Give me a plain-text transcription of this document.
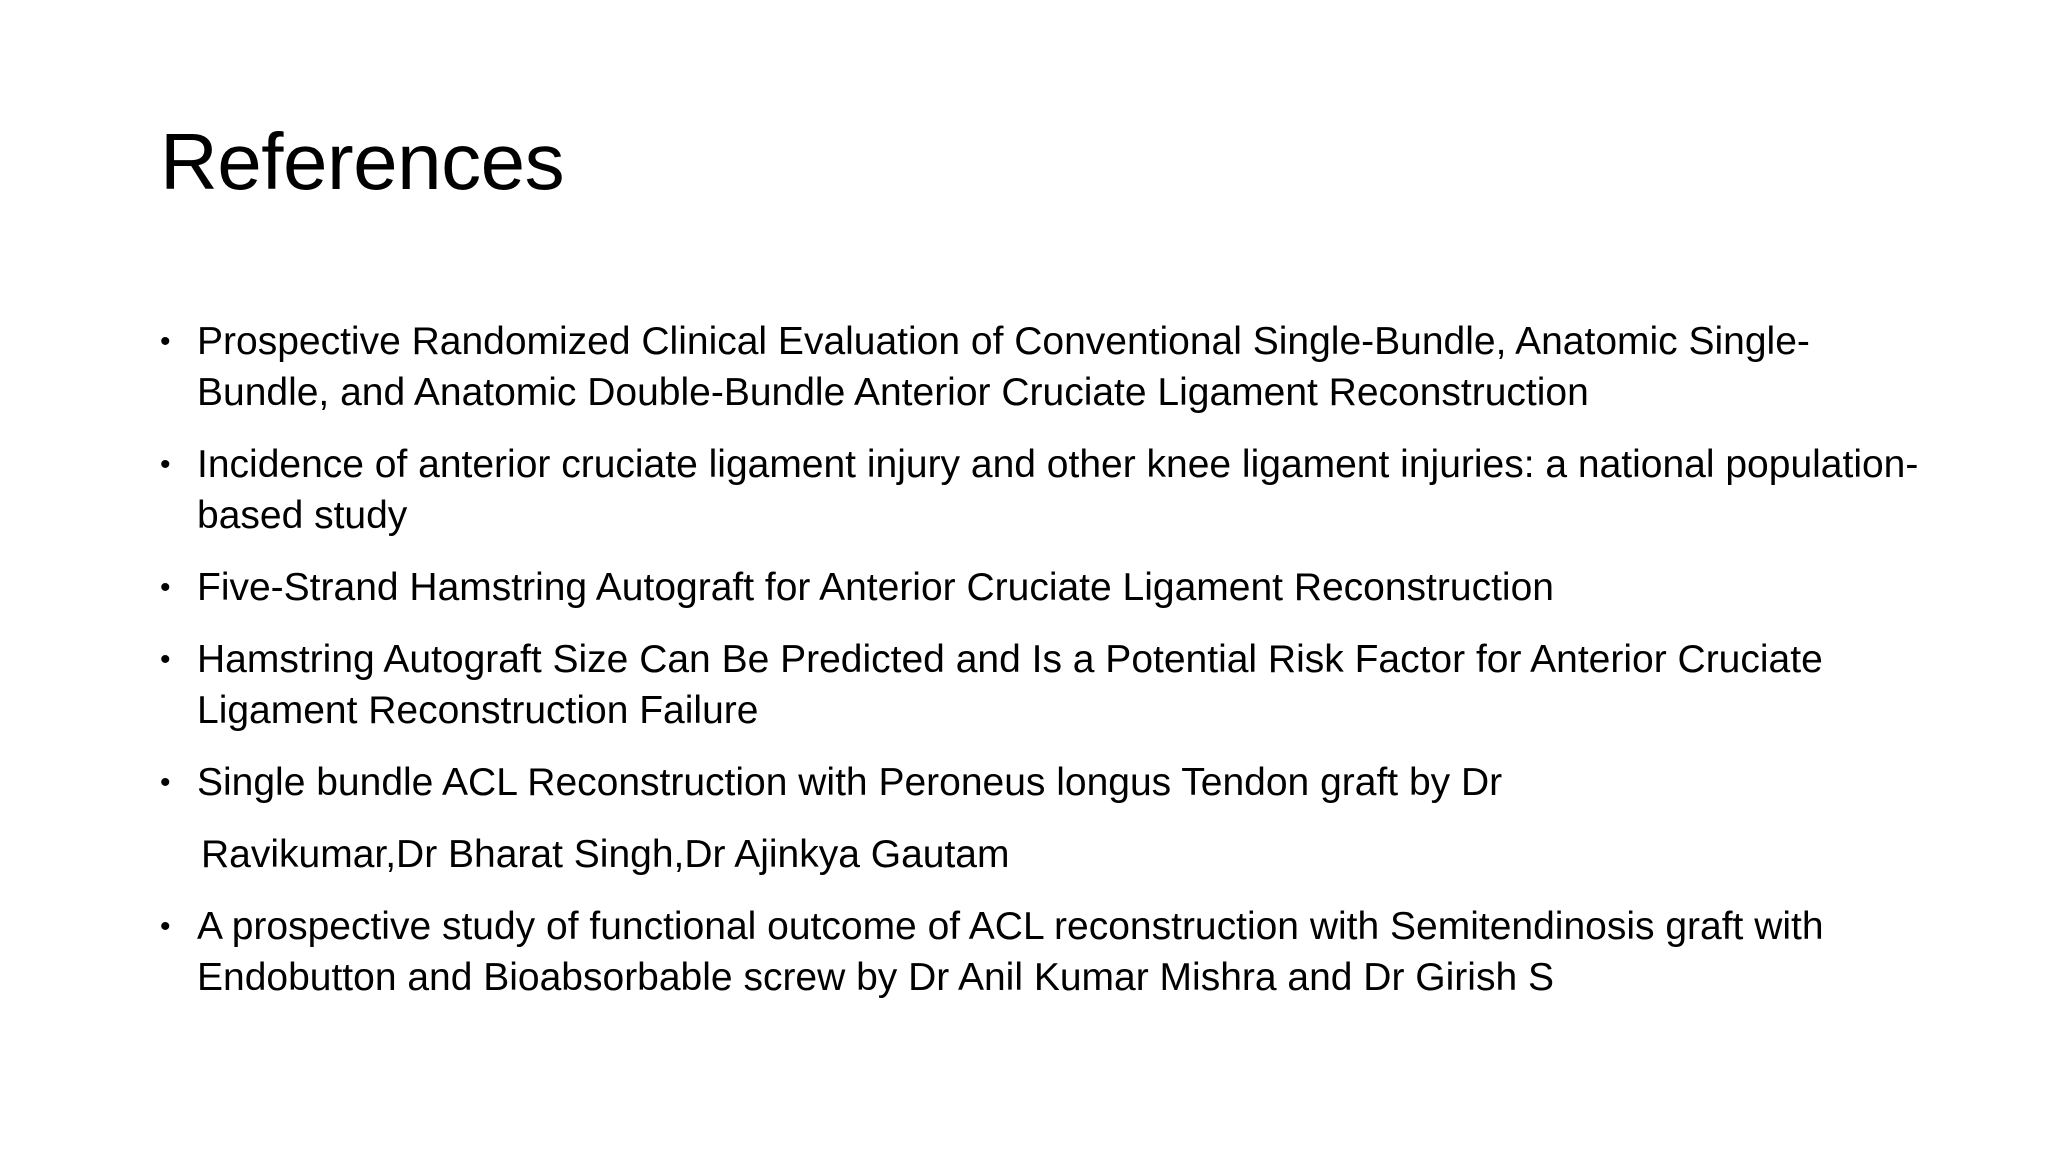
References
• Prospective Randomized Clinical Evaluation of Conventional Single-Bundle, Anatomic Single-Bundle, and Anatomic Double-Bundle Anterior Cruciate Ligament Reconstruction
• Incidence of anterior cruciate ligament injury and other knee ligament injuries: a national population-based study
• Five-Strand Hamstring Autograft for Anterior Cruciate Ligament Reconstruction
• Hamstring Autograft Size Can Be Predicted and Is a Potential Risk Factor for Anterior Cruciate Ligament Reconstruction Failure
• Single bundle ACL Reconstruction with Peroneus longus Tendon graft by Dr
Ravikumar,Dr Bharat Singh,Dr Ajinkya Gautam
• A prospective study of functional outcome of ACL reconstruction with Semitendinosis graft with Endobutton and Bioabsorbable screw by Dr Anil Kumar Mishra and Dr Girish S
